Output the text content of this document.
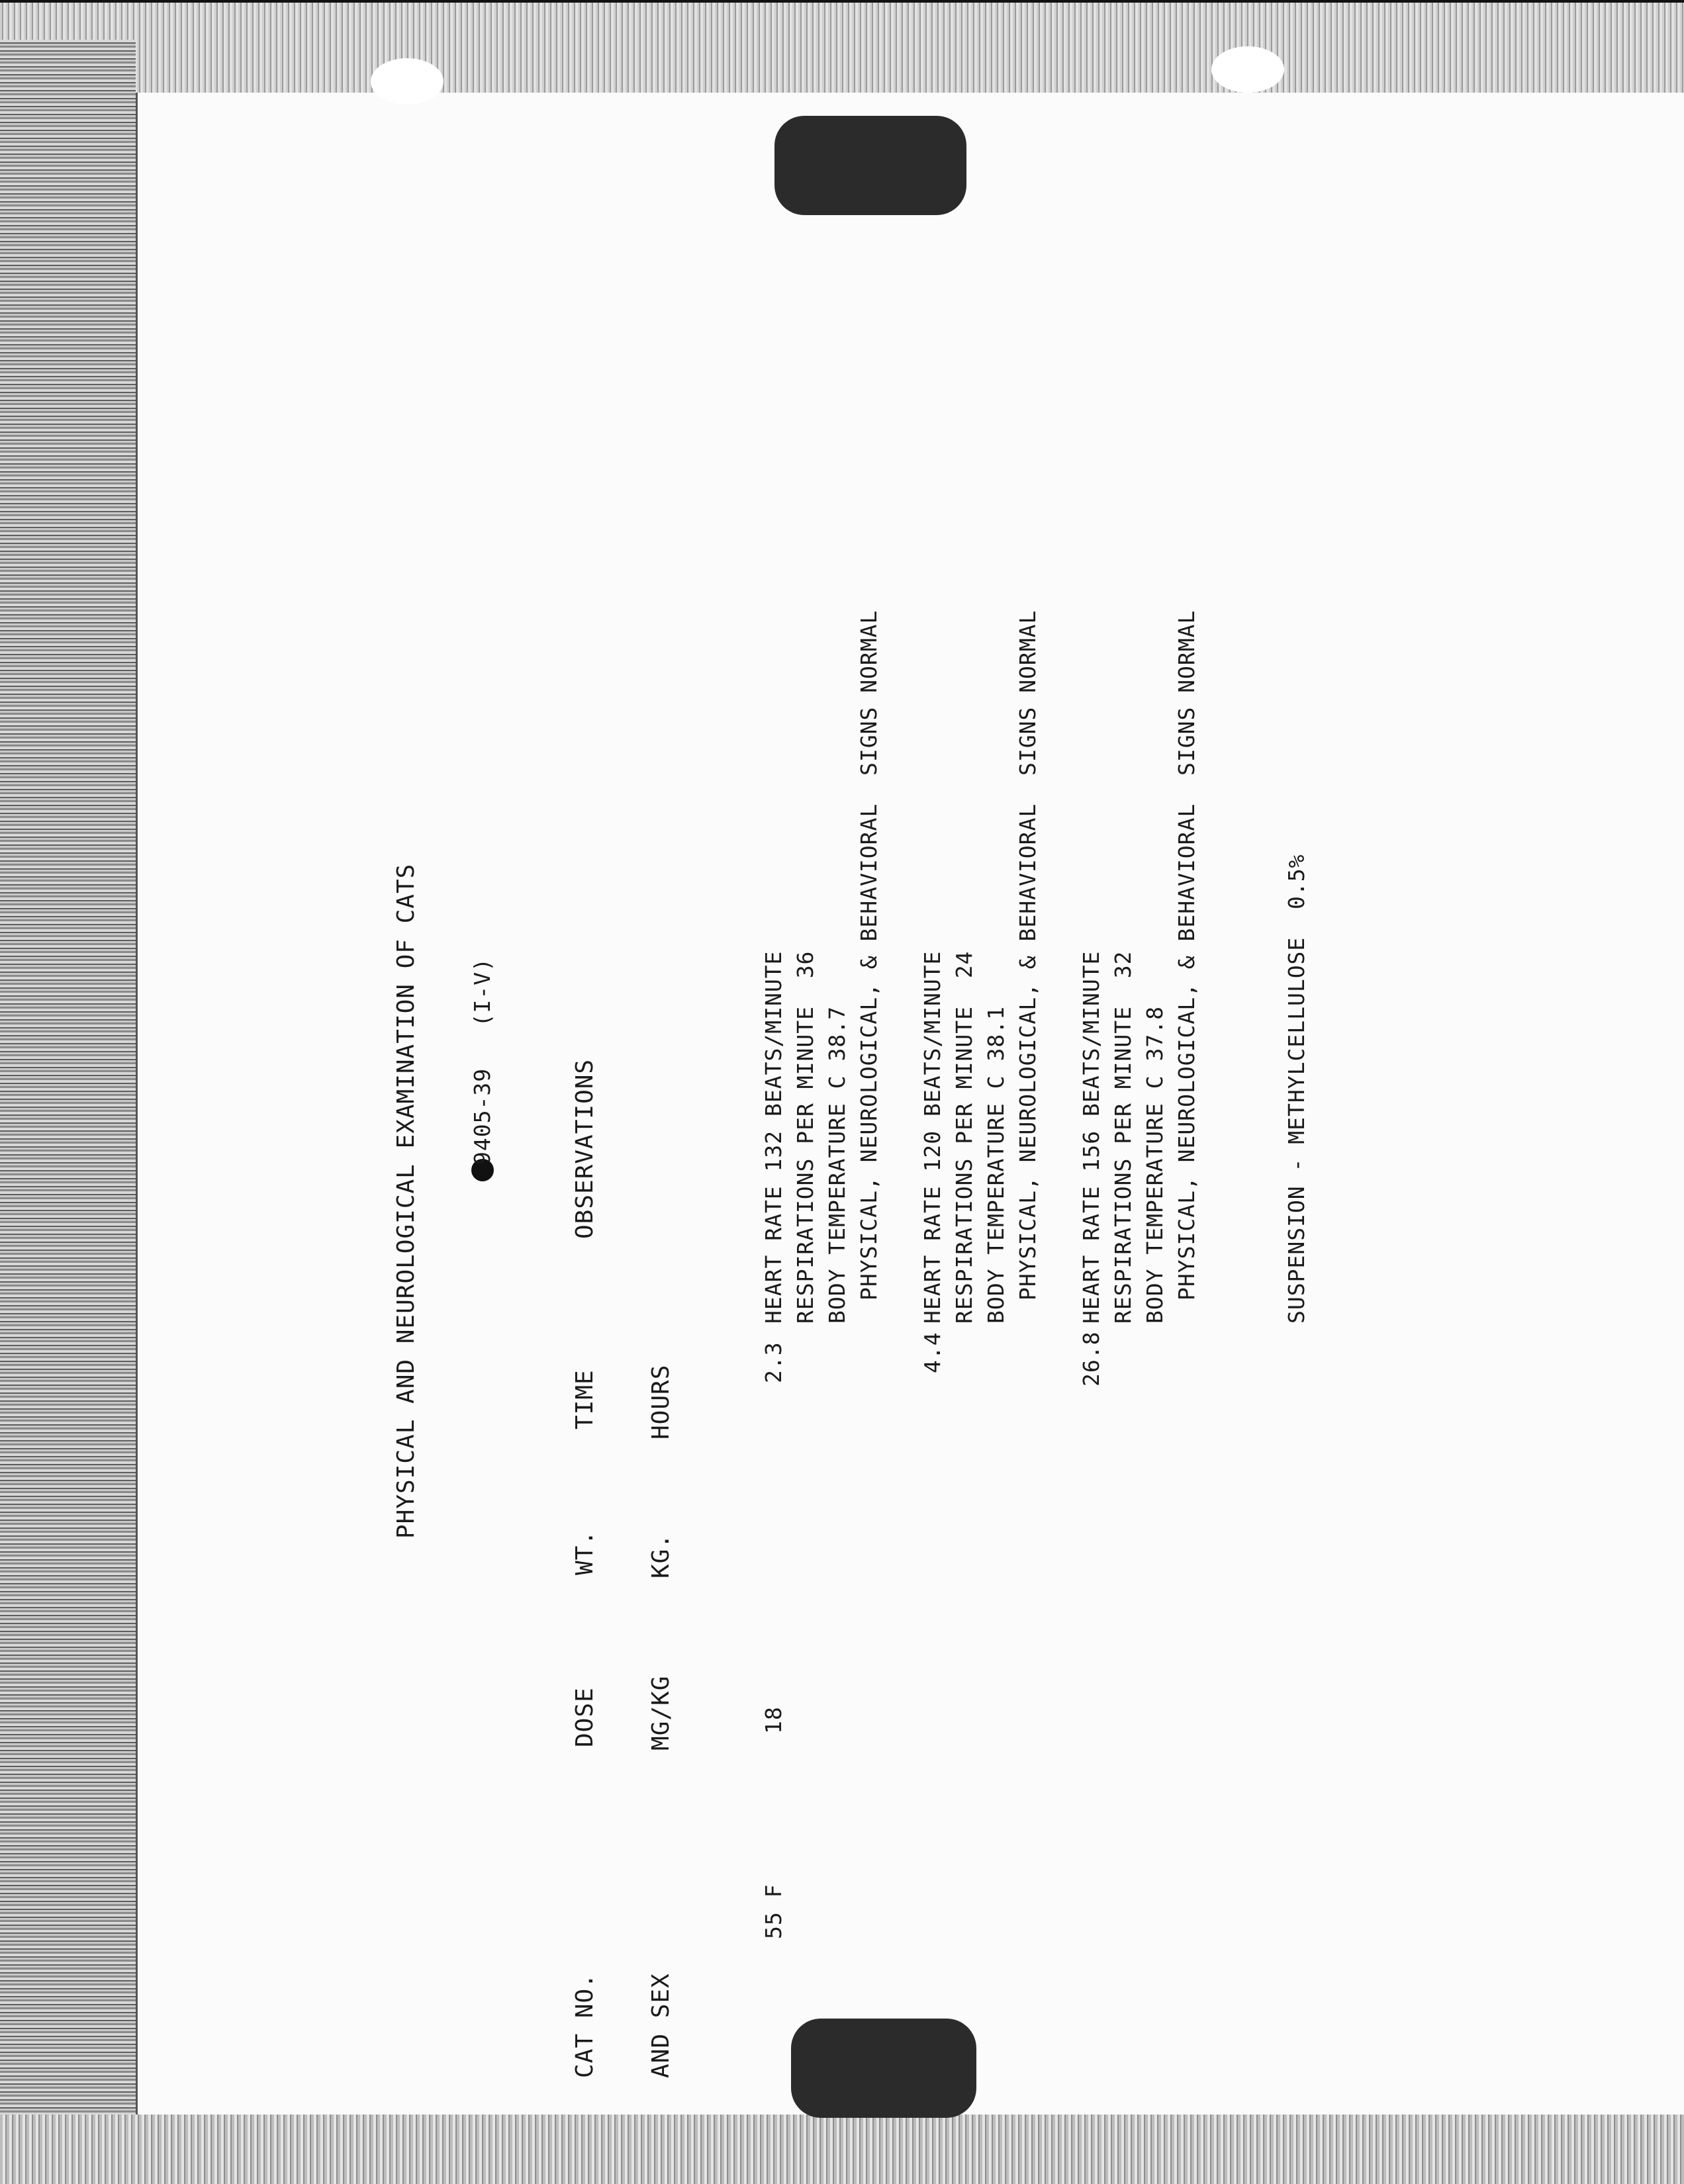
PHYSICAL AND NEUROLOGICAL EXAMINATION OF CATS 9405-39   (I-V)
CAT NO. AND SEX
DOSE MG/KG
WT. KG.
TIME HOURS
OBSERVATIONS
55 F
18
2.3
HEART RATE 132 BEATS/MINUTE RESPIRATIONS PER MINUTE  36 BODY TEMPERATURE C 38.7 PHYSICAL, NEUROLOGICAL, & BEHAVIORAL  SIGNS NORMAL
4.4
HEART RATE 120 BEATS/MINUTE RESPIRATIONS PER MINUTE  24 BODY TEMPERATURE C 38.1 PHYSICAL, NEUROLOGICAL, & BEHAVIORAL  SIGNS NORMAL
26.8
HEART RATE 156 BEATS/MINUTE RESPIRATIONS PER MINUTE  32 BODY TEMPERATURE C 37.8 PHYSICAL, NEUROLOGICAL, & BEHAVIORAL  SIGNS NORMAL	SUSPENSION - METHYLCELLULOSE  0.5%
